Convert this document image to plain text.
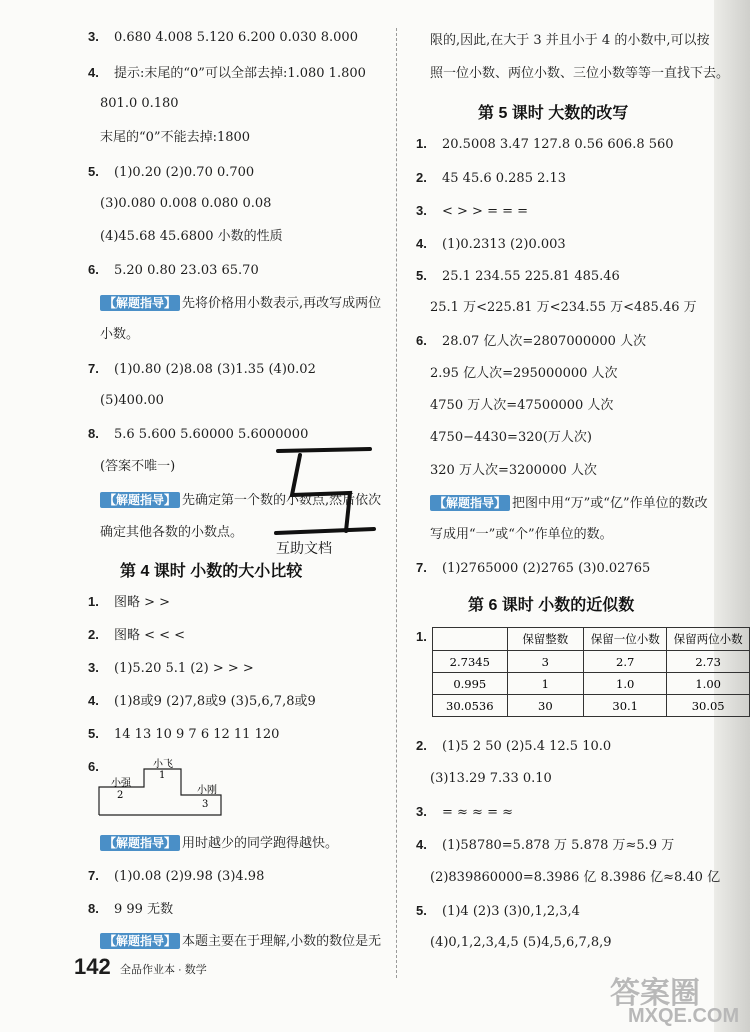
3. 0.680 4.008 5.120 6.200 0.030 8.000
4. 提示:末尾的“0”可以全部去掉:1.080 1.800
801.0 0.180
末尾的“0”不能去掉:1800
5. (1)0.20 (2)0.70 0.700
(3)0.080 0.008 0.080 0.08
(4)45.68 45.6800 小数的性质
6. 5.20 0.80 23.03 65.70
【解题指导】 先将价格用小数表示,再改写成两位
小数。
7. (1)0.80 (2)8.08 (3)1.35 (4)0.02
(5)400.00
8. 5.6 5.600 5.60000 5.6000000
(答案不唯一)
【解题指导】 先确定第一个数的小数点,然后依次
确定其他各数的小数点。
第 4 课时 小数的大小比较
1. 图略 > >
2. 图略 < < <
3. (1)5.20 5.1 (2) > > >
4. (1)8或9 (2)7,8或9 (3)5,6,7,8或9
5. 14 13 10 9 7 6 12 11 120
6.	小飞
小强
小刚
1
2
3
【解题指导】 用时越少的同学跑得越快。
7. (1)0.08 (2)9.98 (3)4.98
8. 9 99 无数
【解题指导】 本题主要在于理解,小数的数位是无
互助文档
限的,因此,在大于 3 并且小于 4 的小数中,可以按
照一位小数、两位小数、三位小数等等一直找下去。
第 5 课时 大数的改写
1. 20.5008 3.47 127.8 0.56 606.8 560
2. 45 45.6 0.285 2.13
3. < > > = = =
4. (1)0.2313 (2)0.003
5. 25.1 234.55 225.81 485.46
25.1 万<225.81 万<234.55 万<485.46 万
6. 28.07 亿人次=2807000000 人次
2.95 亿人次=295000000 人次
4750 万人次=47500000 人次
4750−4430=320(万人次)
320 万人次=3200000 人次
【解题指导】 把图中用“万”或“亿”作单位的数改
写成用“一”或“个”作单位的数。
7. (1)2765000 (2)2765 (3)0.02765
第 6 课时 小数的近似数
1.
		保留整数	保留一位小数	保留两位小数
2.7345	3	2.7	2.73
0.995	1	1.0	1.00
30.0536	30	30.1	30.05
2. (1)5 2 50 (2)5.4 12.5 10.0
(3)13.29 7.33 0.10
3. = ≈ ≈ = ≈
4. (1)58780=5.878 万 5.878 万≈5.9 万
(2)839860000=8.3986 亿 8.3986 亿≈8.40 亿
5. (1)4 (2)3 (3)0,1,2,3,4
(4)0,1,2,3,4,5 (5)4,5,6,7,8,9
142 全品作业本 · 数学
答案圈
MXQE.COM
